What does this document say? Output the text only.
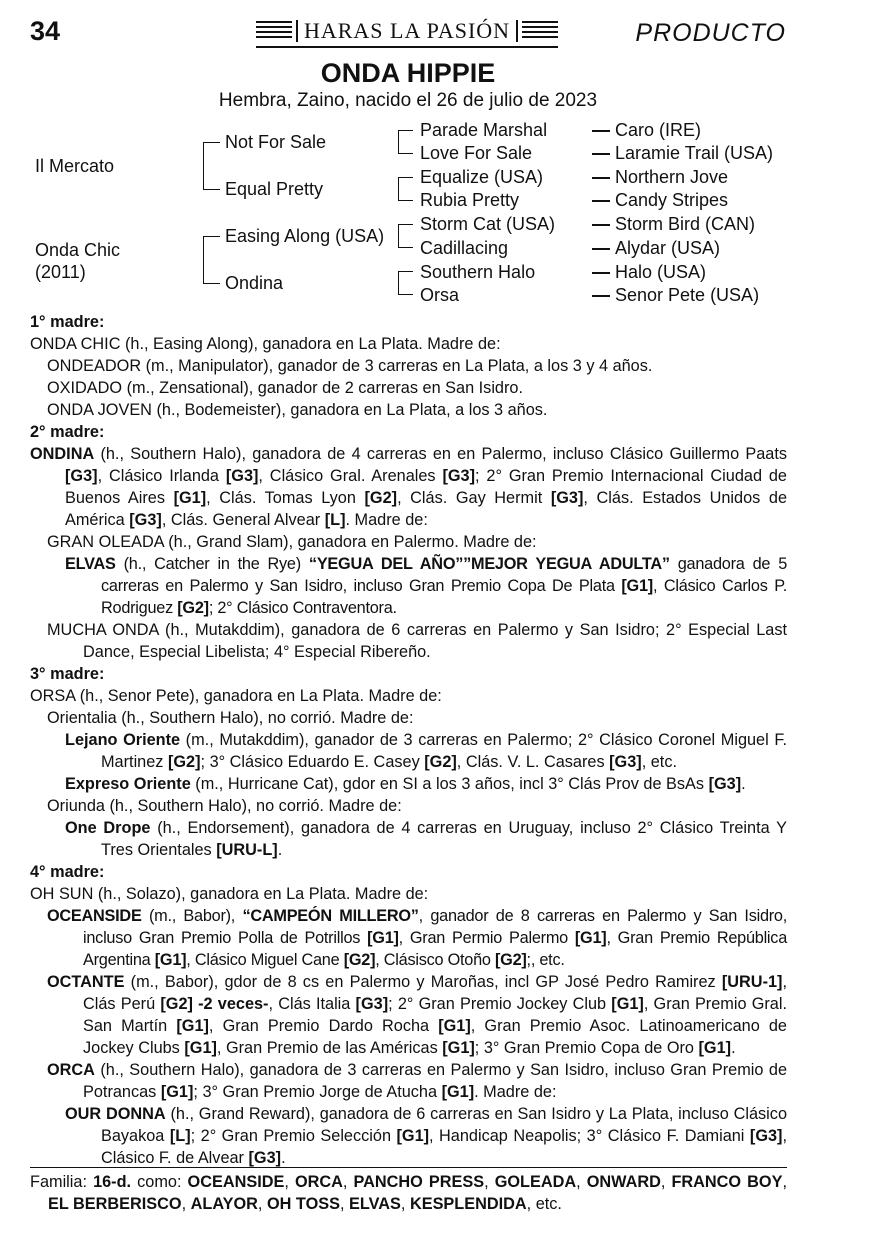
34	HARAS LA PASIÓN	PRODUCTO
ONDA HIPPIE
Hembra, Zaino, nacido el 26 de julio de 2023
Il Mercato
Onda Chic
(2011)
Not For Sale
Equal Pretty
Easing Along (USA)
Ondina
Parade Marshal
Love For Sale
Equalize (USA)
Rubia Pretty
Storm Cat (USA)
Cadillacing
Southern Halo
Orsa
Caro (IRE)
Laramie Trail (USA)
Northern Jove
Candy Stripes
Storm Bird (CAN)
Alydar (USA)
Halo (USA)
Senor Pete (USA)

1° madre:

ONDA CHIC (h., Easing Along), ganadora en La Plata. Madre de:

ONDEADOR (m., Manipulator), ganador de 3 carreras en La Plata, a los 3 y 4 años.

OXIDADO (m., Zensational), ganador de 2 carreras en San Isidro.

ONDA JOVEN (h., Bodemeister), ganadora en La Plata, a los 3 años.

2° madre:

ONDINA (h., Southern Halo), ganadora de 4 carreras en en Palermo, incluso Clásico Guillermo Paats [G3], Clásico Irlanda [G3], Clásico Gral. Arenales [G3]; 2° Gran Premio Internacional Ciudad de Buenos Aires [G1], Clás. Tomas Lyon [G2], Clás. Gay Hermit [G3], Clás. Estados Unidos de América [G3], Clás. General Alvear [L]. Madre de:

GRAN OLEADA (h., Grand Slam), ganadora en Palermo. Madre de:

ELVAS (h., Catcher in the Rye) “YEGUA DEL AÑO””MEJOR YEGUA ADULTA” ganadora de 5 carreras en Palermo y San Isidro, incluso Gran Premio Copa De Plata [G1], Clásico Carlos P. Rodriguez [G2]; 2° Clásico Contraventora.

MUCHA ONDA (h., Mutakddim), ganadora de 6 carreras en Palermo y San Isidro; 2° Especial Last Dance, Especial Libelista; 4° Especial Ribereño.

3° madre:

ORSA (h., Senor Pete), ganadora en La Plata. Madre de:

Orientalia (h., Southern Halo), no corrió. Madre de:

Lejano Oriente (m., Mutakddim), ganador de 3 carreras en Palermo; 2° Clásico Coronel Miguel F. Martinez [G2]; 3° Clásico Eduardo E. Casey [G2], Clás. V. L. Casares [G3], etc.

Expreso Oriente (m., Hurricane Cat), gdor en SI a los 3 años, incl 3° Clás Prov de BsAs [G3].

Oriunda (h., Southern Halo), no corrió. Madre de:

One Drope (h., Endorsement), ganadora de 4 carreras en Uruguay, incluso 2° Clásico Treinta Y Tres Orientales [URU-L].

4° madre:

OH SUN (h., Solazo), ganadora en La Plata. Madre de:

OCEANSIDE (m., Babor), “CAMPEÓN MILLERO”, ganador de 8 carreras en Palermo y San Isidro, incluso Gran Premio Polla de Potrillos [G1], Gran Permio Palermo [G1], Gran Premio República Argentina [G1], Clásico Miguel Cane [G2], Clásisco Otoño [G2];, etc.

OCTANTE (m., Babor), gdor de 8 cs en Palermo y Maroñas, incl GP José Pedro Ramirez [URU-1], Clás Perú [G2] -2 veces-, Clás Italia [G3]; 2° Gran Premio Jockey Club [G1], Gran Premio Gral. San Martín [G1], Gran Premio Dardo Rocha [G1], Gran Premio Asoc. Latinoamericano de Jockey Clubs [G1], Gran Premio de las Américas [G1]; 3° Gran Premio Copa de Oro [G1].

ORCA (h., Southern Halo), ganadora de 3 carreras en Palermo y San Isidro, incluso Gran Premio de Potrancas [G1]; 3° Gran Premio Jorge de Atucha [G1]. Madre de:

OUR DONNA (h., Grand Reward), ganadora de 6 carreras en San Isidro y La Plata, incluso Clásico Bayakoa [L]; 2° Gran Premio Selección [G1], Handicap Neapolis; 3° Clásico F. Damiani [G3], Clásico F. de Alvear [G3].

Familia: 16-d. como: OCEANSIDE, ORCA, PANCHO PRESS, GOLEADA, ONWARD, FRANCO BOY, EL BERBERISCO, ALAYOR, OH TOSS, ELVAS, KESPLENDIDA, etc.
